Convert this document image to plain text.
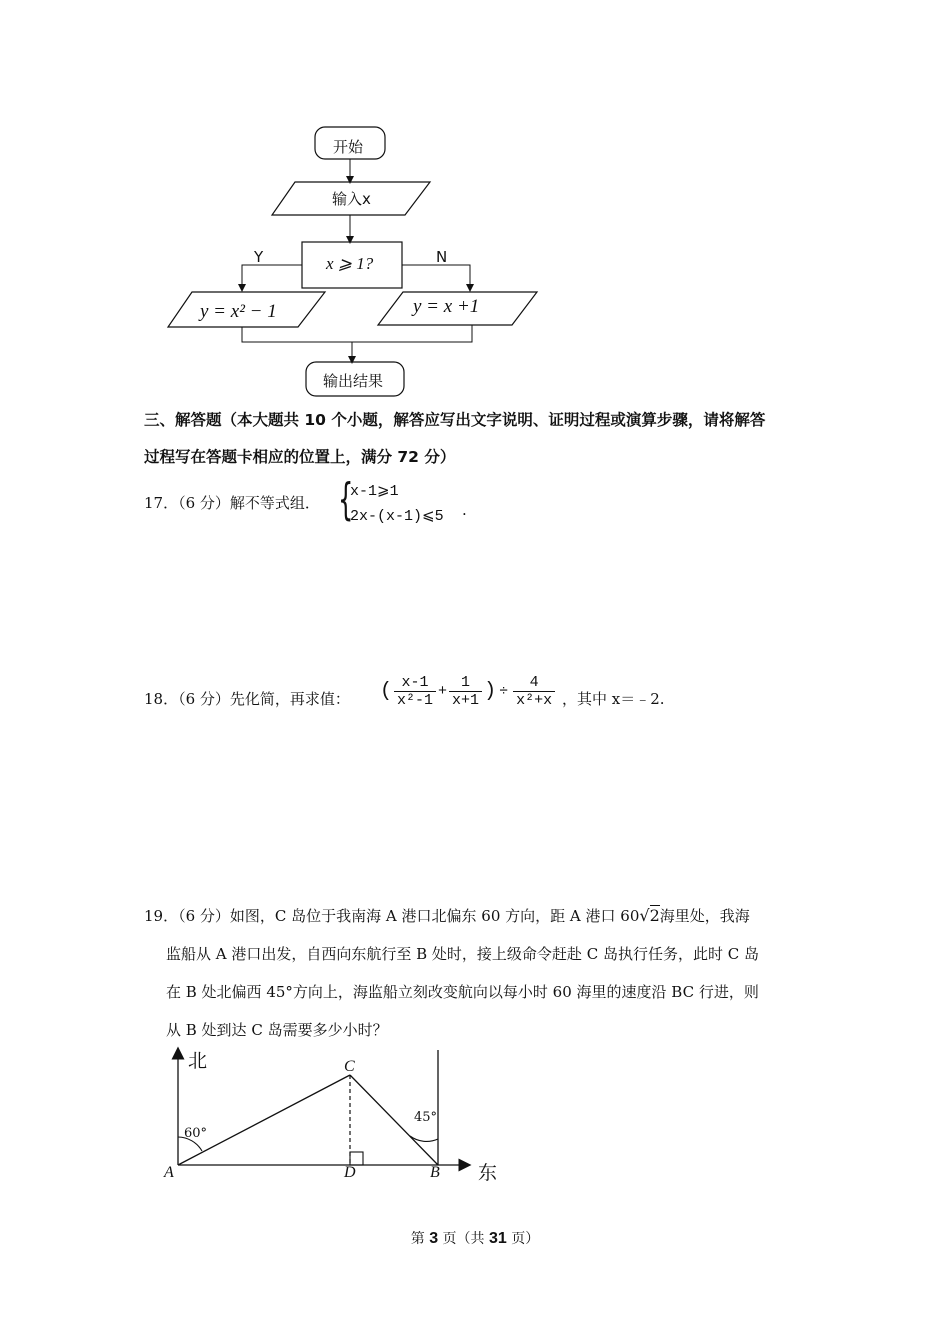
开始
输入x
x ⩾ 1?
Y	N
y = x² − 1	y = x +1
输出结果
三、解答题（本大题共 10 个小题，解答应写出文字说明、证明过程或演算步骤，请将解答
过程写在答题卡相应的位置上，满分 72 分）
17．（6 分）解不等式组． {
x-1⩾1
2x-(x-1)⩽5 .
18．（6 分）先化简，再求值： ( $\frac{x-1}{\text{x²-1}} + \frac{1}{x+1}$ ) ÷ $\frac{4}{\text{x²+x}}$ ，其中 x＝﹣2.
19．（6 分）如图，C 岛位于我南海 A 港口北偏东 60 方向，距 A 港口 60√2海里处，我海
监船从 A 港口出发，自西向东航行至 B 处时，接上级命令赶赴 C 岛执行任务，此时 C 岛
在 B 处北偏西 45°方向上，海监船立刻改变航向以每小时 60 海里的速度沿 BC 行进，则
从 B 处到达 C 岛需要多少小时？
北
东
A
C
D	B
60°
45°
第 3 页（共 31 页）
